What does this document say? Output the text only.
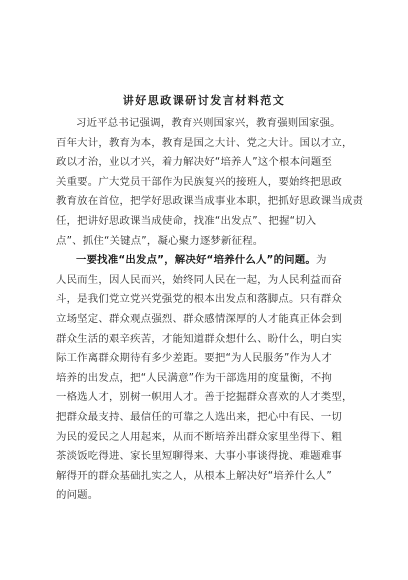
讲好思政课研讨发言材料范文
习近平总书记强调，教育兴则国家兴，教育强则国家强。
百年大计，教育为本，教育是国之大计、党之大计。国以才立，
政以才治，业以才兴，着力解决好“培养人”这个根本问题至
关重要。广大党员干部作为民族复兴的接班人，要始终把思政
教育放在首位，把学好思政课当成事业本职，把抓好思政课当成责
任，把讲好思政课当成使命，找准“出发点”、把握“切入
点”、抓住“关键点”，凝心聚力逐梦新征程。
一要找准“出发点”，解决好“培养什么人”的问题。为
人民而生，因人民而兴，始终同人民在一起，为人民利益而奋
斗，是我们党立党兴党强党的根本出发点和落脚点。只有群众
立场坚定、群众观点强烈、群众感情深厚的人才能真正体会到
群众生活的艰辛疾苦，才能知道群众想什么、盼什么，明白实
际工作离群众期待有多少差距。要把“为人民服务”作为人才
培养的出发点，把“人民满意”作为干部选用的度量衡，不拘
一格选人才，别树一帜用人才。善于挖掘群众喜欢的人才类型，
把群众最支持、最信任的可靠之人选出来，把心中有民、一切
为民的爱民之人用起来，从而不断培养出群众家里坐得下、粗
茶淡饭吃得进、家长里短聊得来、大事小事谈得拢、难题难事
解得开的群众基础扎实之人，从根本上解决好“培养什么人”
的问题。
